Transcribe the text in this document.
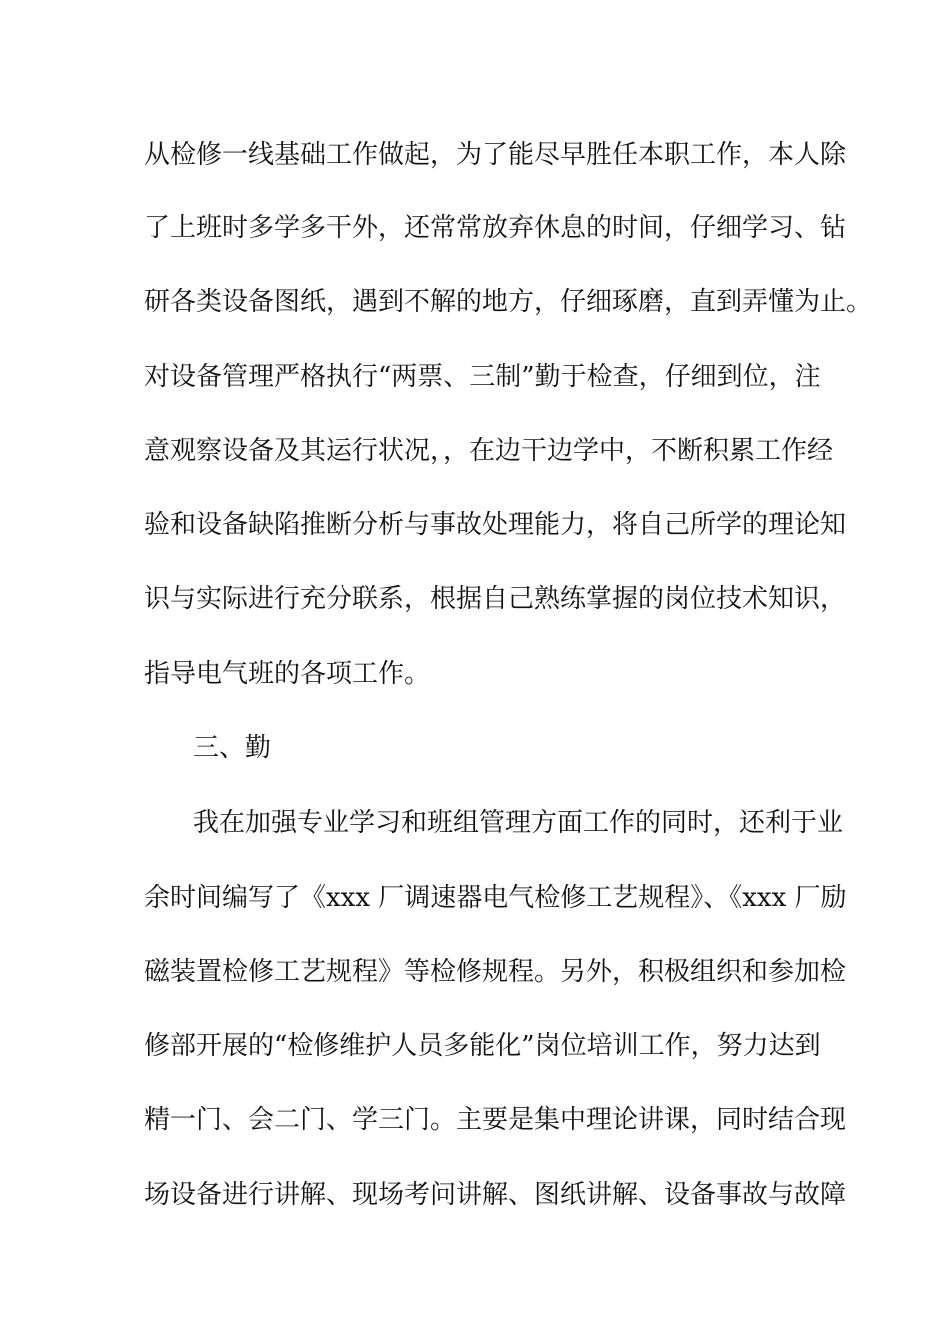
从检修一线基础工作做起，为了能尽早胜任本职工作，本人除
了上班时多学多干外，还常常放弃休息的时间，仔细学习、钻
研各类设备图纸，遇到不解的地方，仔细琢磨，直到弄懂为止。
对设备管理严格执行“两票、三制”勤于检查，仔细到位，注
意观察设备及其运行状况，，在边干边学中，不断积累工作经
验和设备缺陷推断分析与事故处理能力，将自己所学的理论知
识与实际进行充分联系，根据自己熟练掌握的岗位技术知识，
指导电气班的各项工作。
三、勤
我在加强专业学习和班组管理方面工作的同时，还利于业
余时间编写了《xxx 厂调速器电气检修工艺规程》、《xxx 厂励
磁装置检修工艺规程》等检修规程。另外，积极组织和参加检
修部开展的“检修维护人员多能化”岗位培训工作，努力达到
精一门、会二门、学三门。主要是集中理论讲课，同时结合现
场设备进行讲解、现场考问讲解、图纸讲解、设备事故与故障
